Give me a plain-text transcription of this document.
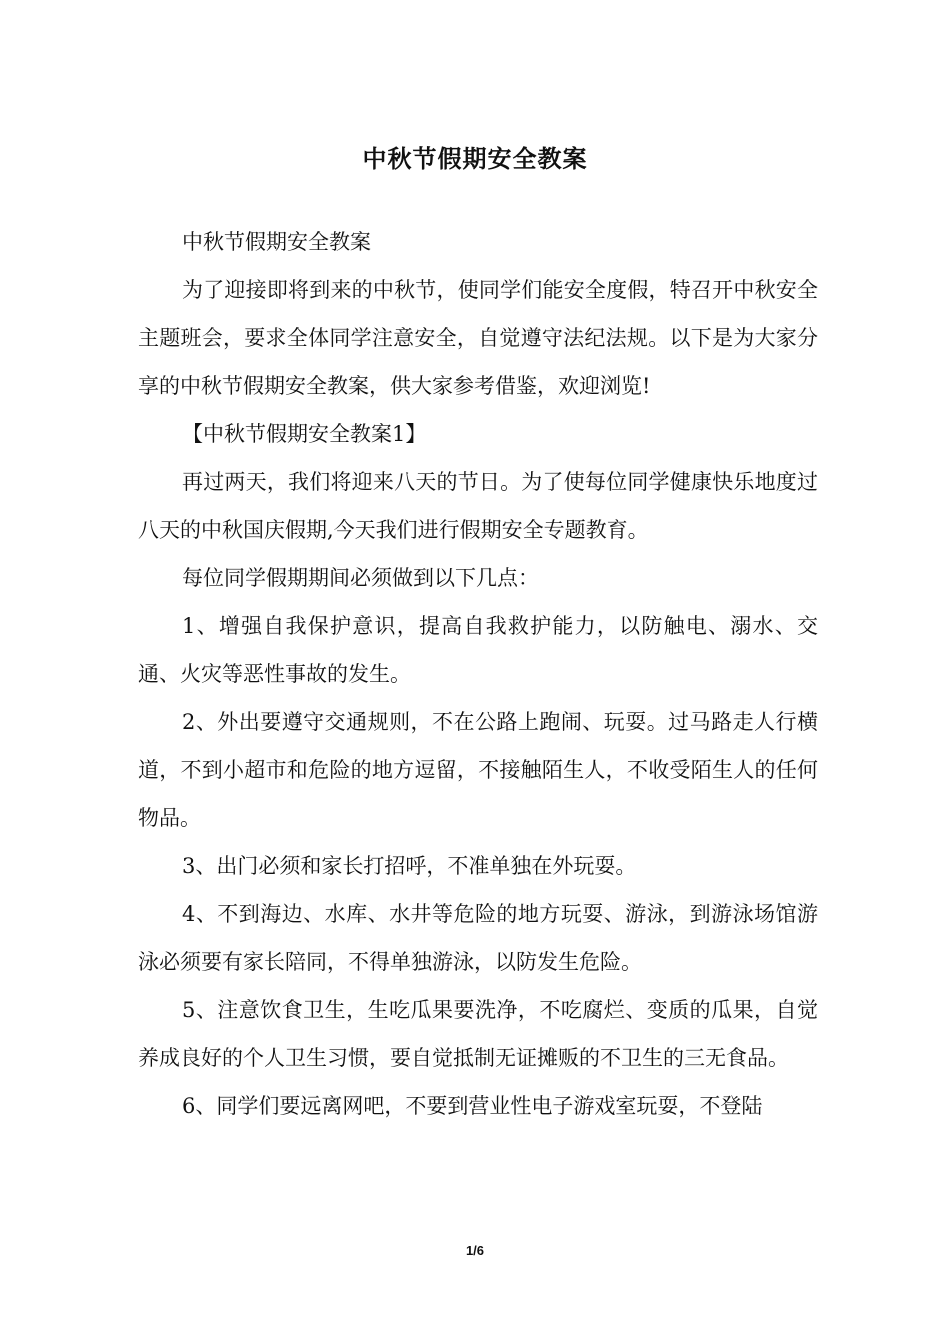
中秋节假期安全教案

中秋节假期安全教案

为了迎接即将到来的中秋节，使同学们能安全度假，特召开中秋安全主题班会，要求全体同学注意安全，自觉遵守法纪法规。以下是为大家分享的中秋节假期安全教案，供大家参考借鉴，欢迎浏览!

【中秋节假期安全教案1】

再过两天，我们将迎来八天的节日。为了使每位同学健康快乐地度过八天的中秋国庆假期,今天我们进行假期安全专题教育。

每位同学假期期间必须做到以下几点：

1、增强自我保护意识，提高自我救护能力，以防触电、溺水、交通、火灾等恶性事故的发生。

2、外出要遵守交通规则，不在公路上跑闹、玩耍。过马路走人行横道，不到小超市和危险的地方逗留，不接触陌生人，不收受陌生人的任何物品。

3、出门必须和家长打招呼，不准单独在外玩耍。

4、不到海边、水库、水井等危险的地方玩耍、游泳，到游泳场馆游泳必须要有家长陪同，不得单独游泳，以防发生危险。

5、注意饮食卫生，生吃瓜果要洗净，不吃腐烂、变质的瓜果，自觉养成良好的个人卫生习惯，要自觉抵制无证摊贩的不卫生的三无食品。

6、同学们要远离网吧，不要到营业性电子游戏室玩耍，不登陆

1/6
